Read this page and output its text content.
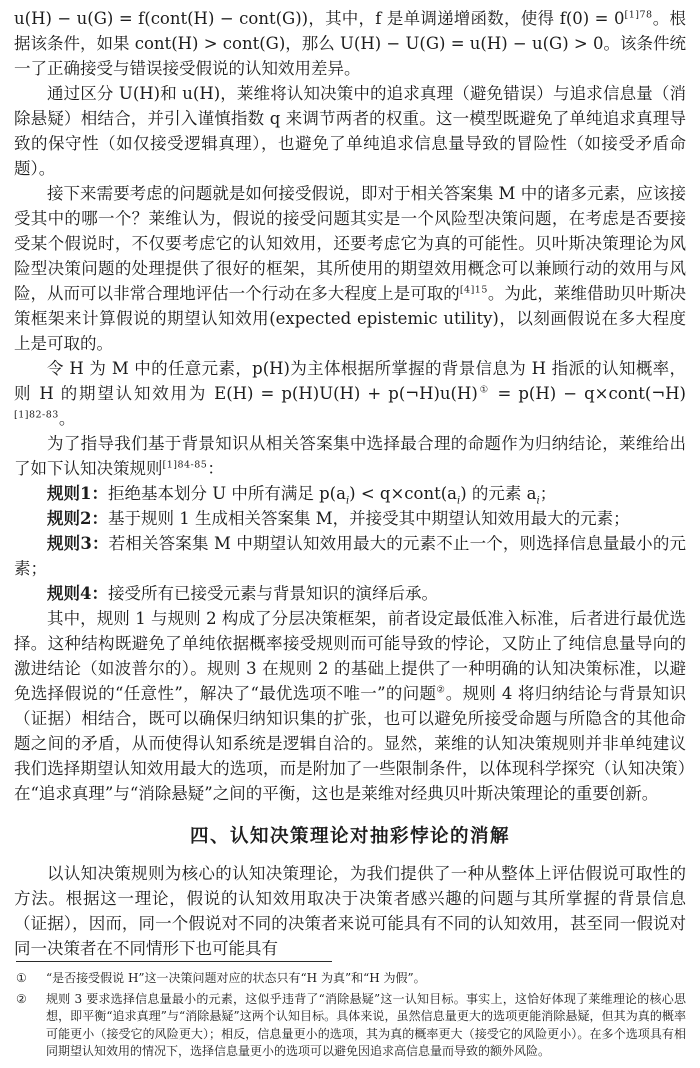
u(H) − u(G) = f(cont(H) − cont(G))，其中，f 是单调递增函数，使得 f(0) = 0$^{[1]78}$。根据该条件，如果 cont(H) > cont(G)，那么 U(H) − U(G) = u(H) − u(G) > 0。该条件统一了正确接受与错误接受假说的认知效用差异。

通过区分 U(H)和 u(H)，莱维将认知决策中的追求真理（避免错误）与追求信息量（消除悬疑）相结合，并引入谨慎指数 q 来调节两者的权重。这一模型既避免了单纯追求真理导致的保守性（如仅接受逻辑真理），也避免了单纯追求信息量导致的冒险性（如接受矛盾命题）。

接下来需要考虑的问题就是如何接受假说，即对于相关答案集 M 中的诸多元素，应该接受其中的哪一个？莱维认为，假说的接受问题其实是一个风险型决策问题，在考虑是否要接受某个假说时，不仅要考虑它的认知效用，还要考虑它为真的可能性。贝叶斯决策理论为风险型决策问题的处理提供了很好的框架，其所使用的期望效用概念可以兼顾行动的效用与风险，从而可以非常合理地评估一个行动在多大程度上是可取的$^{[4]15}$。为此，莱维借助贝叶斯决策框架来计算假说的期望认知效用(expected epistemic utility)，以刻画假说在多大程度上是可取的。

令 H 为 M 中的任意元素，p(H)为主体根据所掌握的背景信息为 H 指派的认知概率，则 H 的期望认知效用为 E(H) = p(H)U(H) + p(¬H)u(H)① = p(H) − q×cont(¬H)$^{[1]82-83}$。

为了指导我们基于背景知识从相关答案集中选择最合理的命题作为归纳结论，莱维给出了如下认知决策规则$^{[1]84-85}$：

规则1：拒绝基本划分 U 中所有满足 $p(a_i)$ < $q\times cont(a_i)$ 的元素 $a_i$；

规则2：基于规则 1 生成相关答案集 M，并接受其中期望认知效用最大的元素；

规则3：若相关答案集 M 中期望认知效用最大的元素不止一个，则选择信息量最小的元素；

规则4：接受所有已接受元素与背景知识的演绎后承。

其中，规则 1 与规则 2 构成了分层决策框架，前者设定最低准入标准，后者进行最优选择。这种结构既避免了单纯依据概率接受规则而可能导致的悖论，又防止了纯信息量导向的激进结论（如波普尔的）。规则 3 在规则 2 的基础上提供了一种明确的认知决策标准，以避免选择假说的“任意性”，解决了“最优选项不唯一”的问题②。规则 4 将归纳结论与背景知识（证据）相结合，既可以确保归纳知识集的扩张，也可以避免所接受命题与所隐含的其他命题之间的矛盾，从而使得认知系统是逻辑自洽的。显然，莱维的认知决策规则并非单纯建议我们选择期望认知效用最大的选项，而是附加了一些限制条件，以体现科学探究（认知决策）在“追求真理”与“消除悬疑”之间的平衡，这也是莱维对经典贝叶斯决策理论的重要创新。

四、认知决策理论对抽彩悖论的消解

以认知决策规则为核心的认知决策理论，为我们提供了一种从整体上评估假说可取性的方法。根据这一理论，假说的认知效用取决于决策者感兴趣的问题与其所掌握的背景信息（证据），因而，同一个假说对不同的决策者来说可能具有不同的认知效用，甚至同一假说对同一决策者在不同情形下也可能具有

① “是否接受假说 H”这一决策问题对应的状态只有“H 为真”和“H 为假”。
② 规则 3 要求选择信息量最小的元素，这似乎违背了“消除悬疑”这一认知目标。事实上，这恰好体现了莱维理论的核心思想，即平衡“追求真理”与“消除悬疑”这两个认知目标。具体来说，虽然信息量更大的选项更能消除悬疑，但其为真的概率可能更小（接受它的风险更大）；相反，信息量更小的选项，其为真的概率更大（接受它的风险更小）。在多个选项具有相同期望认知效用的情况下，选择信息量更小的选项可以避免因追求高信息量而导致的额外风险。
